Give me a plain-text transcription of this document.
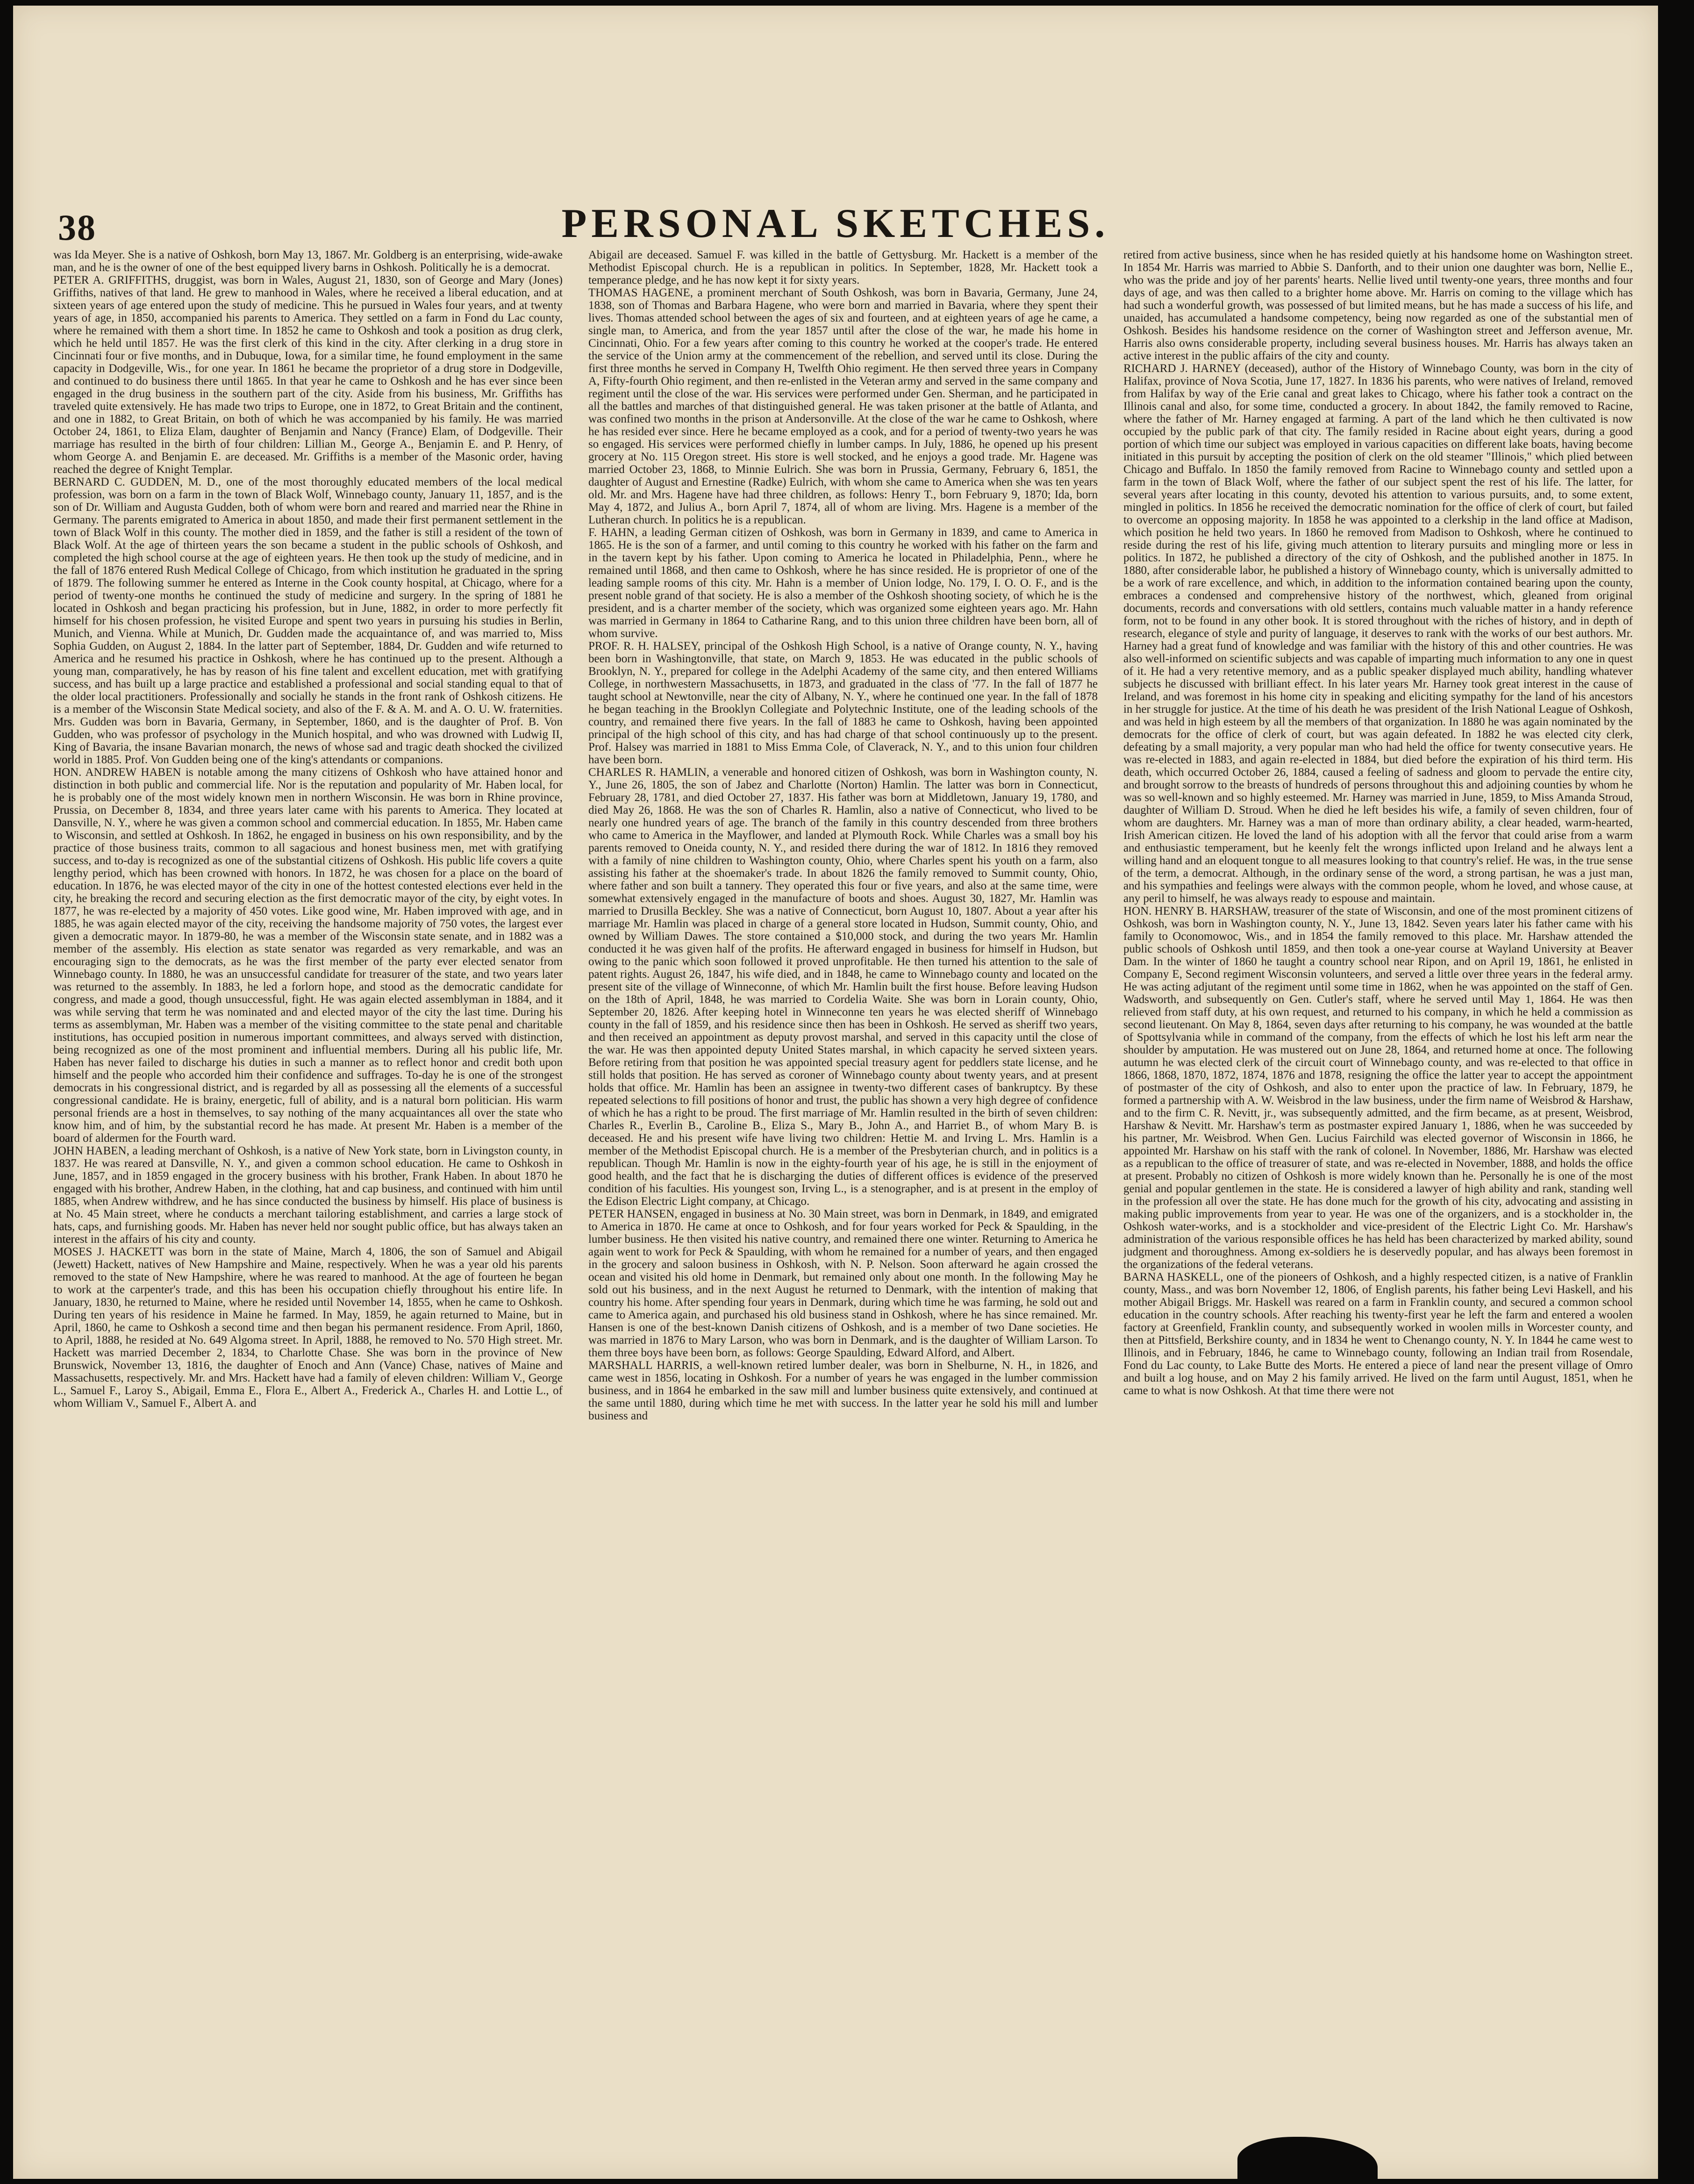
38	PERSONAL SKETCHES.

was Ida Meyer. She is a native of Oshkosh, born May 13, 1867. Mr. Goldberg is an enterprising, wide-awake man, and he is the owner of one of the best equipped livery barns in Oshkosh. Politically he is a democrat.
PETER A. GRIFFITHS, druggist, was born in Wales, August 21, 1830, son of George and Mary (Jones) Griffiths, natives of that land. He grew to manhood in Wales, where he received a liberal education, and at sixteen years of age entered upon the study of medicine. This he pursued in Wales four years, and at twenty years of age, in 1850, accompanied his parents to America. They settled on a farm in Fond du Lac county, where he remained with them a short time. In 1852 he came to Oshkosh and took a position as drug clerk, which he held until 1857. He was the first clerk of this kind in the city. After clerking in a drug store in Cincinnati four or five months, and in Dubuque, Iowa, for a similar time, he found employment in the same capacity in Dodgeville, Wis., for one year. In 1861 he became the proprietor of a drug store in Dodgeville, and continued to do business there until 1865. In that year he came to Oshkosh and he has ever since been engaged in the drug business in the southern part of the city. Aside from his business, Mr. Griffiths has traveled quite extensively. He has made two trips to Europe, one in 1872, to Great Britain and the continent, and one in 1882, to Great Britain, on both of which he was accompanied by his family. He was married October 24, 1861, to Eliza Elam, daughter of Benjamin and Nancy (France) Elam, of Dodgeville. Their marriage has resulted in the birth of four children: Lillian M., George A., Benjamin E. and P. Henry, of whom George A. and Benjamin E. are deceased. Mr. Griffiths is a member of the Masonic order, having reached the degree of Knight Templar.
BERNARD C. GUDDEN, M. D., one of the most thoroughly educated members of the local medical profession, was born on a farm in the town of Black Wolf, Winnebago county, January 11, 1857, and is the son of Dr. William and Augusta Gudden, both of whom were born and reared and married near the Rhine in Germany. The parents emigrated to America in about 1850, and made their first permanent settlement in the town of Black Wolf in this county. The mother died in 1859, and the father is still a resident of the town of Black Wolf. At the age of thirteen years the son became a student in the public schools of Oshkosh, and completed the high school course at the age of eighteen years. He then took up the study of medicine, and in the fall of 1876 entered Rush Medical College of Chicago, from which institution he graduated in the spring of 1879. The following summer he entered as Interne in the Cook county hospital, at Chicago, where for a period of twenty-one months he continued the study of medicine and surgery. In the spring of 1881 he located in Oshkosh and began practicing his profession, but in June, 1882, in order to more perfectly fit himself for his chosen profession, he visited Europe and spent two years in pursuing his studies in Berlin, Munich, and Vienna. While at Munich, Dr. Gudden made the acquaintance of, and was married to, Miss Sophia Gudden, on August 2, 1884. In the latter part of September, 1884, Dr. Gudden and wife returned to America and he resumed his practice in Oshkosh, where he has continued up to the present. Although a young man, comparatively, he has by reason of his fine talent and excellent education, met with gratifying success, and has built up a large practice and established a professional and social standing equal to that of the older local practitioners. Professionally and socially he stands in the front rank of Oshkosh citizens. He is a member of the Wisconsin State Medical society, and also of the F. & A. M. and A. O. U. W. fraternities. Mrs. Gudden was born in Bavaria, Germany, in September, 1860, and is the daughter of Prof. B. Von Gudden, who was professor of psychology in the Munich hospital, and who was drowned with Ludwig II, King of Bavaria, the insane Bavarian monarch, the news of whose sad and tragic death shocked the civilized world in 1885. Prof. Von Gudden being one of the king's attendants or companions.
HON. ANDREW HABEN is notable among the many citizens of Oshkosh who have attained honor and distinction in both public and commercial life. Nor is the reputation and popularity of Mr. Haben local, for he is probably one of the most widely known men in northern Wisconsin. He was born in Rhine province, Prussia, on December 8, 1834, and three years later came with his parents to America. They located at Dansville, N. Y., where he was given a common school and commercial education. In 1855, Mr. Haben came to Wisconsin, and settled at Oshkosh. In 1862, he engaged in business on his own responsibility, and by the practice of those business traits, common to all sagacious and honest business men, met with gratifying success, and to-day is recognized as one of the substantial citizens of Oshkosh. His public life covers a quite lengthy period, which has been crowned with honors. In 1872, he was chosen for a place on the board of education. In 1876, he was elected mayor of the city in one of the hottest contested elections ever held in the city, he breaking the record and securing election as the first democratic mayor of the city, by eight votes. In 1877, he was re-elected by a majority of 450 votes. Like good wine, Mr. Haben improved with age, and in 1885, he was again elected mayor of the city, receiving the handsome majority of 750 votes, the largest ever given a democratic mayor. In 1879-80, he was a member of the Wisconsin state senate, and in 1882 was a member of the assembly. His election as state senator was regarded as very remarkable, and was an encouraging sign to the democrats, as he was the first member of the party ever elected senator from Winnebago county. In 1880, he was an unsuccessful candidate for treasurer of the state, and two years later was returned to the assembly. In 1883, he led a forlorn hope, and stood as the democratic candidate for congress, and made a good, though unsuccessful, fight. He was again elected assemblyman in 1884, and it was while serving that term he was nominated and and elected mayor of the city the last time. During his terms as assemblyman, Mr. Haben was a member of the visiting committee to the state penal and charitable institutions, has occupied position in numerous important committees, and always served with distinction, being recognized as one of the most prominent and influential members. During all his public life, Mr. Haben has never failed to discharge his duties in such a manner as to reflect honor and credit both upon himself and the people who accorded him their confidence and suffrages. To-day he is one of the strongest democrats in his congressional district, and is regarded by all as possessing all the elements of a successful congressional candidate. He is brainy, energetic, full of ability, and is a natural born politician. His warm personal friends are a host in themselves, to say nothing of the many acquaintances all over the state who know him, and of him, by the substantial record he has made. At present Mr. Haben is a member of the board of aldermen for the Fourth ward.
JOHN HABEN, a leading merchant of Oshkosh, is a native of New York state, born in Livingston county, in 1837. He was reared at Dansville, N. Y., and given a common school education. He came to Oshkosh in June, 1857, and in 1859 engaged in the grocery business with his brother, Frank Haben. In about 1870 he engaged with his brother, Andrew Haben, in the clothing, hat and cap business, and continued with him until 1885, when Andrew withdrew, and he has since conducted the business by himself. His place of business is at No. 45 Main street, where he conducts a merchant tailoring establishment, and carries a large stock of hats, caps, and furnishing goods. Mr. Haben has never held nor sought public office, but has always taken an interest in the affairs of his city and county.
MOSES J. HACKETT was born in the state of Maine, March 4, 1806, the son of Samuel and Abigail (Jewett) Hackett, natives of New Hampshire and Maine, respectively. When he was a year old his parents removed to the state of New Hampshire, where he was reared to manhood. At the age of fourteen he began to work at the carpenter's trade, and this has been his occupation chiefly throughout his entire life. In January, 1830, he returned to Maine, where he resided until November 14, 1855, when he came to Oshkosh. During ten years of his residence in Maine he farmed. In May, 1859, he again returned to Maine, but in April, 1860, he came to Oshkosh a second time and then began his permanent residence. From April, 1860, to April, 1888, he resided at No. 649 Algoma street. In April, 1888, he removed to No. 570 High street. Mr. Hackett was married December 2, 1834, to Charlotte Chase. She was born in the province of New Brunswick, November 13, 1816, the daughter of Enoch and Ann (Vance) Chase, natives of Maine and Massachusetts, respectively. Mr. and Mrs. Hackett have had a family of eleven children: William V., George L., Samuel F., Laroy S., Abigail, Emma E., Flora E., Albert A., Frederick A., Charles H. and Lottie L., of whom William V., Samuel F., Albert A. and

Abigail are deceased. Samuel F. was killed in the battle of Gettysburg. Mr. Hackett is a member of the Methodist Episcopal church. He is a republican in politics. In September, 1828, Mr. Hackett took a temperance pledge, and he has now kept it for sixty years.
THOMAS HAGENE, a prominent merchant of South Oshkosh, was born in Bavaria, Germany, June 24, 1838, son of Thomas and Barbara Hagene, who were born and married in Bavaria, where they spent their lives. Thomas attended school between the ages of six and fourteen, and at eighteen years of age he came, a single man, to America, and from the year 1857 until after the close of the war, he made his home in Cincinnati, Ohio. For a few years after coming to this country he worked at the cooper's trade. He entered the service of the Union army at the commencement of the rebellion, and served until its close. During the first three months he served in Company H, Twelfth Ohio regiment. He then served three years in Company A, Fifty-fourth Ohio regiment, and then re-enlisted in the Veteran army and served in the same company and regiment until the close of the war. His services were performed under Gen. Sherman, and he participated in all the battles and marches of that distinguished general. He was taken prisoner at the battle of Atlanta, and was confined two months in the prison at Andersonville. At the close of the war he came to Oshkosh, where he has resided ever since. Here he became employed as a cook, and for a period of twenty-two years he was so engaged. His services were performed chiefly in lumber camps. In July, 1886, he opened up his present grocery at No. 115 Oregon street. His store is well stocked, and he enjoys a good trade. Mr. Hagene was married October 23, 1868, to Minnie Eulrich. She was born in Prussia, Germany, February 6, 1851, the daughter of August and Ernestine (Radke) Eulrich, with whom she came to America when she was ten years old. Mr. and Mrs. Hagene have had three children, as follows: Henry T., born February 9, 1870; Ida, born May 4, 1872, and Julius A., born April 7, 1874, all of whom are living. Mrs. Hagene is a member of the Lutheran church. In politics he is a republican.
F. HAHN, a leading German citizen of Oshkosh, was born in Germany in 1839, and came to America in 1865. He is the son of a farmer, and until coming to this country he worked with his father on the farm and in the tavern kept by his father. Upon coming to America he located in Philadelphia, Penn., where he remained until 1868, and then came to Oshkosh, where he has since resided. He is proprietor of one of the leading sample rooms of this city. Mr. Hahn is a member of Union lodge, No. 179, I. O. O. F., and is the present noble grand of that society. He is also a member of the Oshkosh shooting society, of which he is the president, and is a charter member of the society, which was organized some eighteen years ago. Mr. Hahn was married in Germany in 1864 to Catharine Rang, and to this union three children have been born, all of whom survive.
PROF. R. H. HALSEY, principal of the Oshkosh High School, is a native of Orange county, N. Y., having been born in Washingtonville, that state, on March 9, 1853. He was educated in the public schools of Brooklyn, N. Y., prepared for college in the Adelphi Academy of the same city, and then entered Williams College, in northwestern Massachusetts, in 1873, and graduated in the class of '77. In the fall of 1877 he taught school at Newtonville, near the city of Albany, N. Y., where he continued one year. In the fall of 1878 he began teaching in the Brooklyn Collegiate and Polytechnic Institute, one of the leading schools of the country, and remained there five years. In the fall of 1883 he came to Oshkosh, having been appointed principal of the high school of this city, and has had charge of that school continuously up to the present. Prof. Halsey was married in 1881 to Miss Emma Cole, of Claverack, N. Y., and to this union four children have been born.
CHARLES R. HAMLIN, a venerable and honored citizen of Oshkosh, was born in Washington county, N. Y., June 26, 1805, the son of Jabez and Charlotte (Norton) Hamlin. The latter was born in Connecticut, February 28, 1781, and died October 27, 1837. His father was born at Middletown, January 19, 1780, and died May 26, 1868. He was the son of Charles R. Hamlin, also a native of Connecticut, who lived to be nearly one hundred years of age. The branch of the family in this country descended from three brothers who came to America in the Mayflower, and landed at Plymouth Rock. While Charles was a small boy his parents removed to Oneida county, N. Y., and resided there during the war of 1812. In 1816 they removed with a family of nine children to Washington county, Ohio, where Charles spent his youth on a farm, also assisting his father at the shoemaker's trade. In about 1826 the family removed to Summit county, Ohio, where father and son built a tannery. They operated this four or five years, and also at the same time, were somewhat extensively engaged in the manufacture of boots and shoes. August 30, 1827, Mr. Hamlin was married to Drusilla Beckley. She was a native of Connecticut, born August 10, 1807. About a year after his marriage Mr. Hamlin was placed in charge of a general store located in Hudson, Summit county, Ohio, and owned by William Dawes. The store contained a $10,000 stock, and during the two years Mr. Hamlin conducted it he was given half of the profits. He afterward engaged in business for himself in Hudson, but owing to the panic which soon followed it proved unprofitable. He then turned his attention to the sale of patent rights. August 26, 1847, his wife died, and in 1848, he came to Winnebago county and located on the present site of the village of Winneconne, of which Mr. Hamlin built the first house. Before leaving Hudson on the 18th of April, 1848, he was married to Cordelia Waite. She was born in Lorain county, Ohio, September 20, 1826. After keeping hotel in Winneconne ten years he was elected sheriff of Winnebago county in the fall of 1859, and his residence since then has been in Oshkosh. He served as sheriff two years, and then received an appointment as deputy provost marshal, and served in this capacity until the close of the war. He was then appointed deputy United States marshal, in which capacity he served sixteen years. Before retiring from that position he was appointed special treasury agent for peddlers state license, and he still holds that position. He has served as coroner of Winnebago county about twenty years, and at present holds that office. Mr. Hamlin has been an assignee in twenty-two different cases of bankruptcy. By these repeated selections to fill positions of honor and trust, the public has shown a very high degree of confidence of which he has a right to be proud. The first marriage of Mr. Hamlin resulted in the birth of seven children: Charles R., Everlin B., Caroline B., Eliza S., Mary B., John A., and Harriet B., of whom Mary B. is deceased. He and his present wife have living two children: Hettie M. and Irving L. Mrs. Hamlin is a member of the Methodist Episcopal church. He is a member of the Presbyterian church, and in politics is a republican. Though Mr. Hamlin is now in the eighty-fourth year of his age, he is still in the enjoyment of good health, and the fact that he is discharging the duties of different offices is evidence of the preserved condition of his faculties. His youngest son, Irving L., is a stenographer, and is at present in the employ of the Edison Electric Light company, at Chicago.
PETER HANSEN, engaged in business at No. 30 Main street, was born in Denmark, in 1849, and emigrated to America in 1870. He came at once to Oshkosh, and for four years worked for Peck & Spaulding, in the lumber business. He then visited his native country, and remained there one winter. Returning to America he again went to work for Peck & Spaulding, with whom he remained for a number of years, and then engaged in the grocery and saloon business in Oshkosh, with N. P. Nelson. Soon afterward he again crossed the ocean and visited his old home in Denmark, but remained only about one month. In the following May he sold out his business, and in the next August he returned to Denmark, with the intention of making that country his home. After spending four years in Denmark, during which time he was farming, he sold out and came to America again, and purchased his old business stand in Oshkosh, where he has since remained. Mr. Hansen is one of the best-known Danish citizens of Oshkosh, and is a member of two Dane societies. He was married in 1876 to Mary Larson, who was born in Denmark, and is the daughter of William Larson. To them three boys have been born, as follows: George Spaulding, Edward Alford, and Albert.
MARSHALL HARRIS, a well-known retired lumber dealer, was born in Shelburne, N. H., in 1826, and came west in 1856, locating in Oshkosh. For a number of years he was engaged in the lumber commission business, and in 1864 he embarked in the saw mill and lumber business quite extensively, and continued at the same until 1880, during which time he met with success. In the latter year he sold his mill and lumber business and

retired from active business, since when he has resided quietly at his handsome home on Washington street. In 1854 Mr. Harris was married to Abbie S. Danforth, and to their union one daughter was born, Nellie E., who was the pride and joy of her parents' hearts. Nellie lived until twenty-one years, three months and four days of age, and was then called to a brighter home above. Mr. Harris on coming to the village which has had such a wonderful growth, was possessed of but limited means, but he has made a success of his life, and unaided, has accumulated a handsome competency, being now regarded as one of the substantial men of Oshkosh. Besides his handsome residence on the corner of Washington street and Jefferson avenue, Mr. Harris also owns considerable property, including several business houses. Mr. Harris has always taken an active interest in the public affairs of the city and county.
RICHARD J. HARNEY (deceased), author of the History of Winnebago County, was born in the city of Halifax, province of Nova Scotia, June 17, 1827. In 1836 his parents, who were natives of Ireland, removed from Halifax by way of the Erie canal and great lakes to Chicago, where his father took a contract on the Illinois canal and also, for some time, conducted a grocery. In about 1842, the family removed to Racine, where the father of Mr. Harney engaged at farming. A part of the land which he then cultivated is now occupied by the public park of that city. The family resided in Racine about eight years, during a good portion of which time our subject was employed in various capacities on different lake boats, having become initiated in this pursuit by accepting the position of clerk on the old steamer "Illinois," which plied between Chicago and Buffalo. In 1850 the family removed from Racine to Winnebago county and settled upon a farm in the town of Black Wolf, where the father of our subject spent the rest of his life. The latter, for several years after locating in this county, devoted his attention to various pursuits, and, to some extent, mingled in politics. In 1856 he received the democratic nomination for the office of clerk of court, but failed to overcome an opposing majority. In 1858 he was appointed to a clerkship in the land office at Madison, which position he held two years. In 1860 he removed from Madison to Oshkosh, where he continued to reside during the rest of his life, giving much attention to literary pursuits and mingling more or less in politics. In 1872, he published a directory of the city of Oshkosh, and the published another in 1875. In 1880, after considerable labor, he published a history of Winnebago county, which is universally admitted to be a work of rare excellence, and which, in addition to the information contained bearing upon the county, embraces a condensed and comprehensive history of the northwest, which, gleaned from original documents, records and conversations with old settlers, contains much valuable matter in a handy reference form, not to be found in any other book. It is stored throughout with the riches of history, and in depth of research, elegance of style and purity of language, it deserves to rank with the works of our best authors. Mr. Harney had a great fund of knowledge and was familiar with the history of this and other countries. He was also well-informed on scientific subjects and was capable of imparting much information to any one in quest of it. He had a very retentive memory, and as a public speaker displayed much ability, handling whatever subjects he discussed with brilliant effect. In his later years Mr. Harney took great interest in the cause of Ireland, and was foremost in his home city in speaking and eliciting sympathy for the land of his ancestors in her struggle for justice. At the time of his death he was president of the Irish National League of Oshkosh, and was held in high esteem by all the members of that organization. In 1880 he was again nominated by the democrats for the office of clerk of court, but was again defeated. In 1882 he was elected city clerk, defeating by a small majority, a very popular man who had held the office for twenty consecutive years. He was re-elected in 1883, and again re-elected in 1884, but died before the expiration of his third term. His death, which occurred October 26, 1884, caused a feeling of sadness and gloom to pervade the entire city, and brought sorrow to the breasts of hundreds of persons throughout this and adjoining counties by whom he was so well-known and so highly esteemed. Mr. Harney was married in June, 1859, to Miss Amanda Stroud, daughter of William D. Stroud. When he died he left besides his wife, a family of seven children, four of whom are daughters. Mr. Harney was a man of more than ordinary ability, a clear headed, warm-hearted, Irish American citizen. He loved the land of his adoption with all the fervor that could arise from a warm and enthusiastic temperament, but he keenly felt the wrongs inflicted upon Ireland and he always lent a willing hand and an eloquent tongue to all measures looking to that country's relief. He was, in the true sense of the term, a democrat. Although, in the ordinary sense of the word, a strong partisan, he was a just man, and his sympathies and feelings were always with the common people, whom he loved, and whose cause, at any peril to himself, he was always ready to espouse and maintain.
HON. HENRY B. HARSHAW, treasurer of the state of Wisconsin, and one of the most prominent citizens of Oshkosh, was born in Washington county, N. Y., June 13, 1842. Seven years later his father came with his family to Oconomowoc, Wis., and in 1854 the family removed to this place. Mr. Harshaw attended the public schools of Oshkosh until 1859, and then took a one-year course at Wayland University at Beaver Dam. In the winter of 1860 he taught a country school near Ripon, and on April 19, 1861, he enlisted in Company E, Second regiment Wisconsin volunteers, and served a little over three years in the federal army. He was acting adjutant of the regiment until some time in 1862, when he was appointed on the staff of Gen. Wadsworth, and subsequently on Gen. Cutler's staff, where he served until May 1, 1864. He was then relieved from staff duty, at his own request, and returned to his company, in which he held a commission as second lieutenant. On May 8, 1864, seven days after returning to his company, he was wounded at the battle of Spottsylvania while in command of the company, from the effects of which he lost his left arm near the shoulder by amputation. He was mustered out on June 28, 1864, and returned home at once. The following autumn he was elected clerk of the circuit court of Winnebago county, and was re-elected to that office in 1866, 1868, 1870, 1872, 1874, 1876 and 1878, resigning the office the latter year to accept the appointment of postmaster of the city of Oshkosh, and also to enter upon the practice of law. In February, 1879, he formed a partnership with A. W. Weisbrod in the law business, under the firm name of Weisbrod & Harshaw, and to the firm C. R. Nevitt, jr., was subsequently admitted, and the firm became, as at present, Weisbrod, Harshaw & Nevitt. Mr. Harshaw's term as postmaster expired January 1, 1886, when he was succeeded by his partner, Mr. Weisbrod. When Gen. Lucius Fairchild was elected governor of Wisconsin in 1866, he appointed Mr. Harshaw on his staff with the rank of colonel. In November, 1886, Mr. Harshaw was elected as a republican to the office of treasurer of state, and was re-elected in November, 1888, and holds the office at present. Probably no citizen of Oshkosh is more widely known than he. Personally he is one of the most genial and popular gentlemen in the state. He is considered a lawyer of high ability and rank, standing well in the profession all over the state. He has done much for the growth of his city, advocating and assisting in making public improvements from year to year. He was one of the organizers, and is a stockholder in, the Oshkosh water-works, and is a stockholder and vice-president of the Electric Light Co. Mr. Harshaw's administration of the various responsible offices he has held has been characterized by marked ability, sound judgment and thoroughness. Among ex-soldiers he is deservedly popular, and has always been foremost in the organizations of the federal veterans.
BARNA HASKELL, one of the pioneers of Oshkosh, and a highly respected citizen, is a native of Franklin county, Mass., and was born November 12, 1806, of English parents, his father being Levi Haskell, and his mother Abigail Briggs. Mr. Haskell was reared on a farm in Franklin county, and secured a common school education in the country schools. After reaching his twenty-first year he left the farm and entered a woolen factory at Greenfield, Franklin county, and subsequently worked in woolen mills in Worcester county, and then at Pittsfield, Berkshire county, and in 1834 he went to Chenango county, N. Y. In 1844 he came west to Illinois, and in February, 1846, he came to Winnebago county, following an Indian trail from Rosendale, Fond du Lac county, to Lake Butte des Morts. He entered a piece of land near the present village of Omro and built a log house, and on May 2 his family arrived. He lived on the farm until August, 1851, when he came to what is now Oshkosh. At that time there were not
